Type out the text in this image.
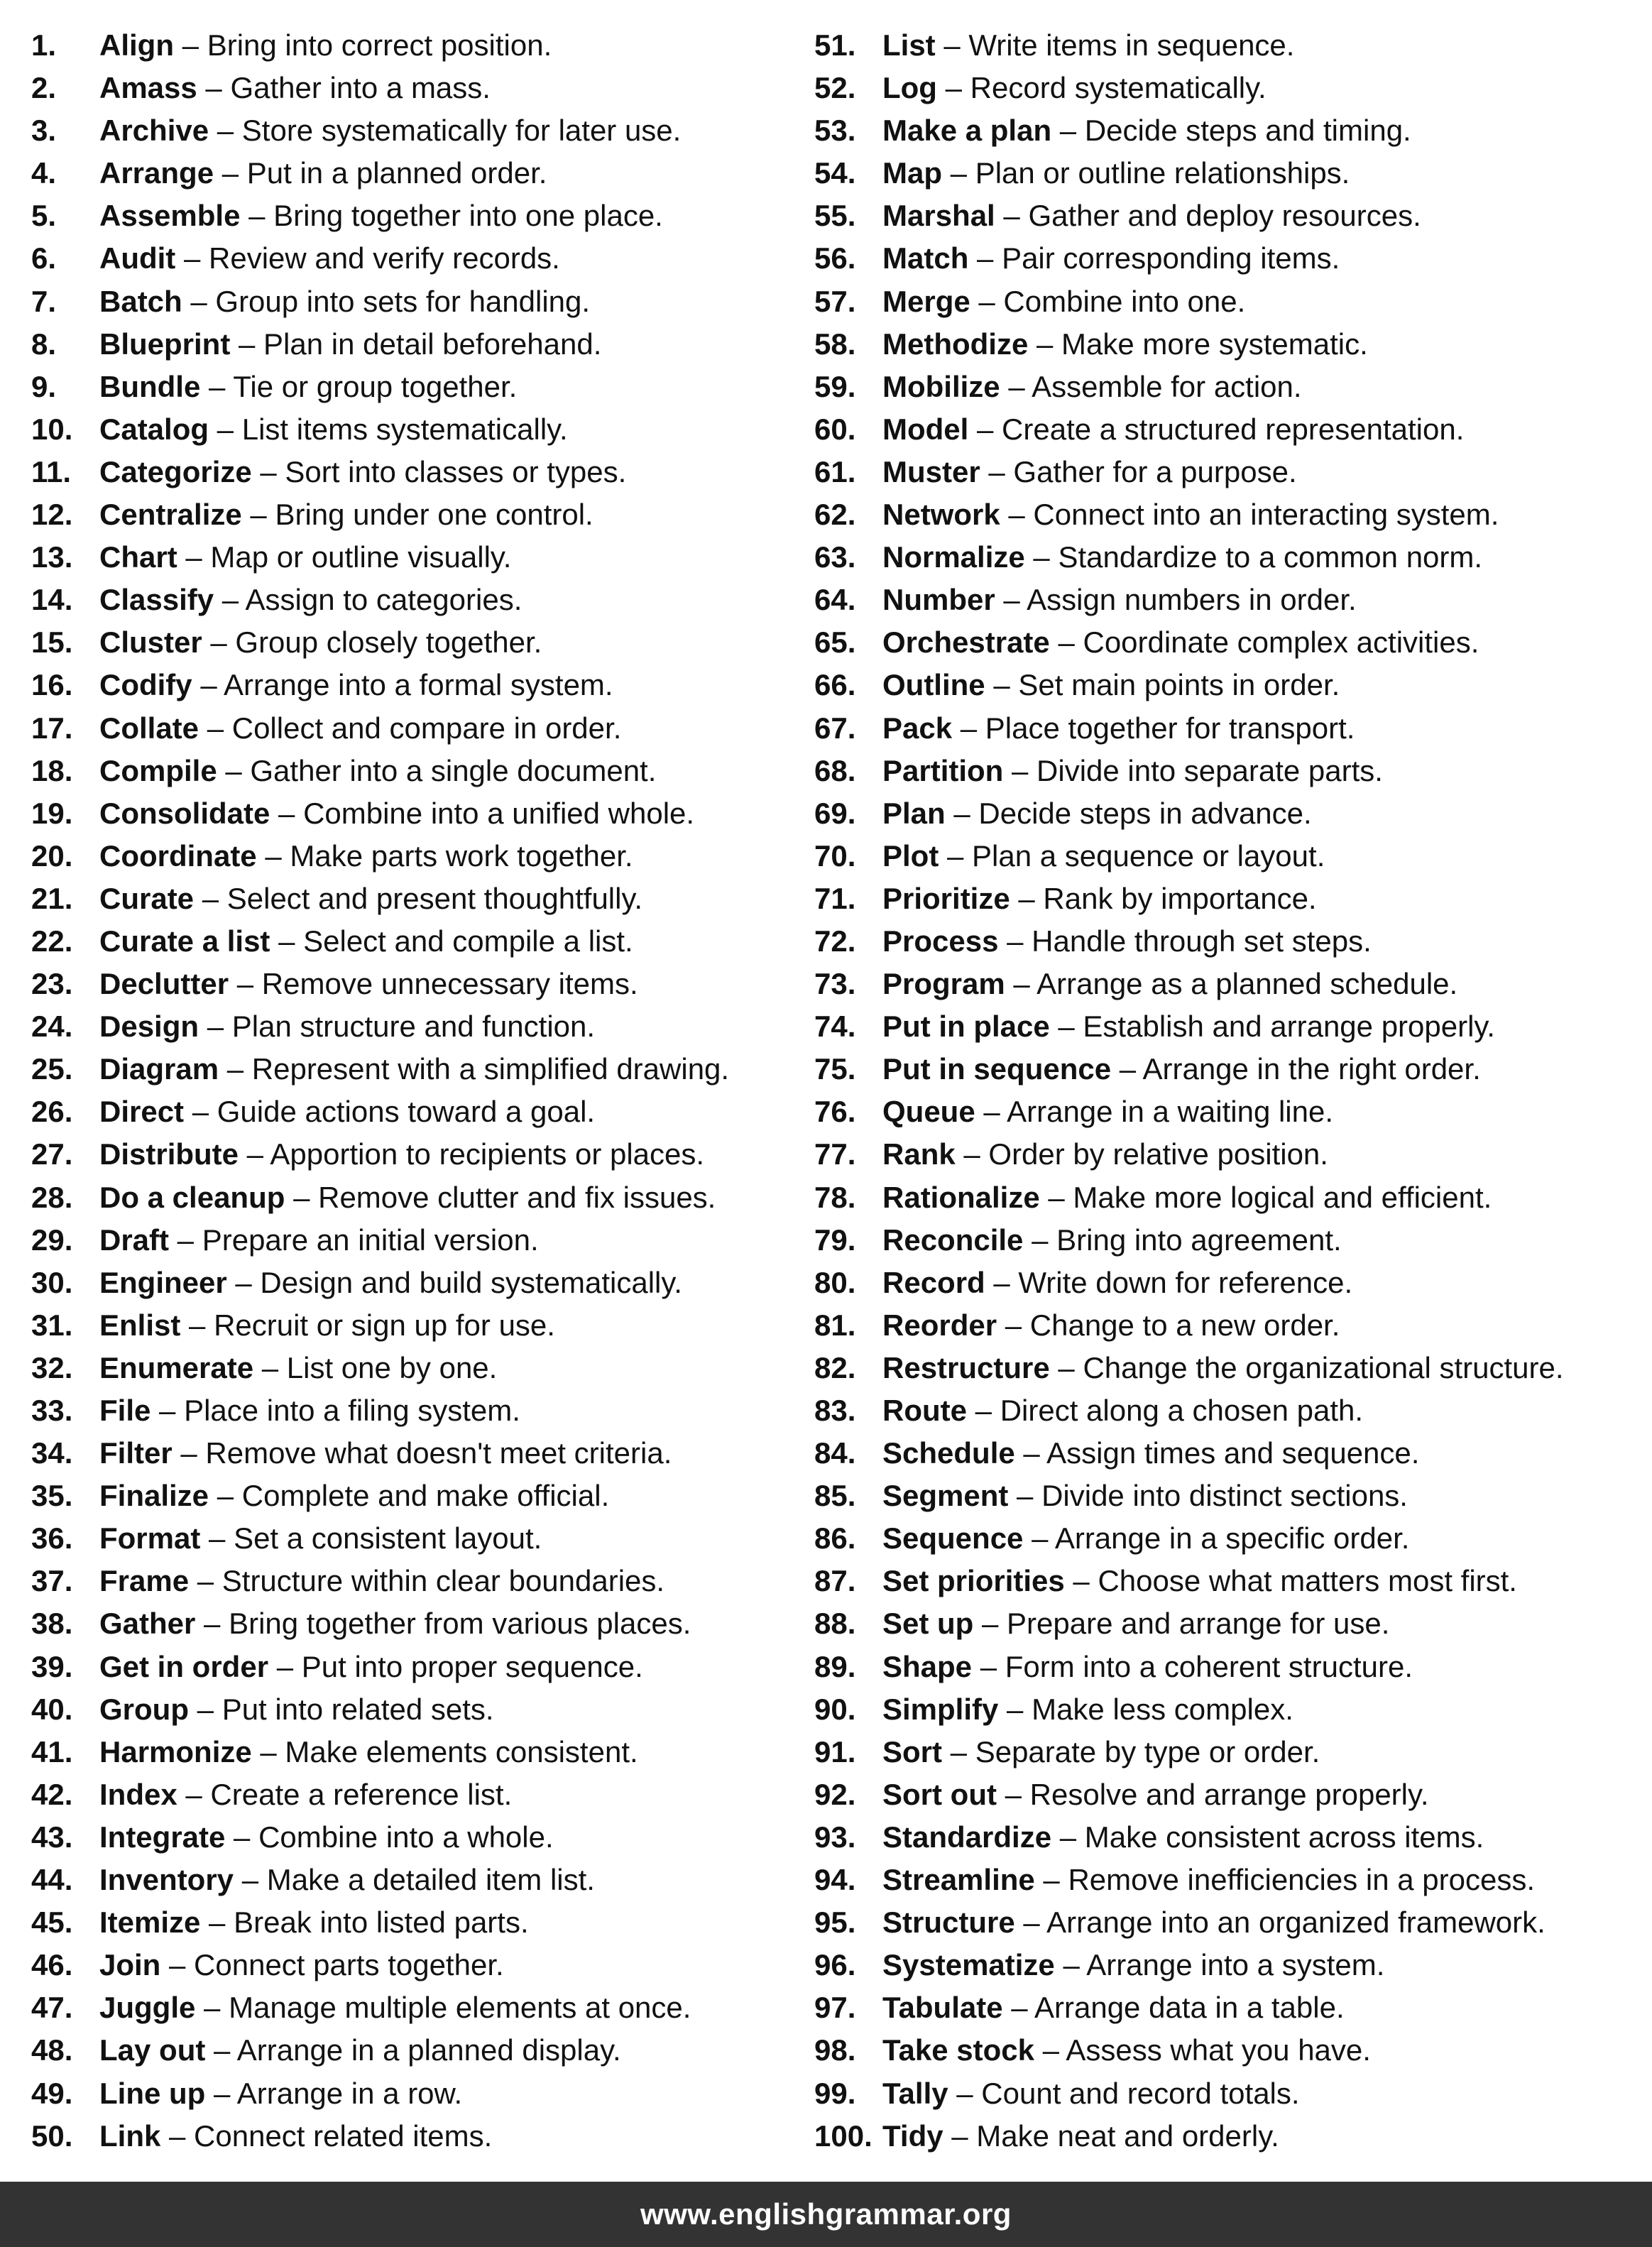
1. Align – Bring into correct position.
2. Amass – Gather into a mass.
3. Archive – Store systematically for later use.
4. Arrange – Put in a planned order.
5. Assemble – Bring together into one place.
6. Audit – Review and verify records.
7. Batch – Group into sets for handling.
8. Blueprint – Plan in detail beforehand.
9. Bundle – Tie or group together.
10. Catalog – List items systematically.
11. Categorize – Sort into classes or types.
12. Centralize – Bring under one control.
13. Chart – Map or outline visually.
14. Classify – Assign to categories.
15. Cluster – Group closely together.
16. Codify – Arrange into a formal system.
17. Collate – Collect and compare in order.
18. Compile – Gather into a single document.
19. Consolidate – Combine into a unified whole.
20. Coordinate – Make parts work together.
21. Curate – Select and present thoughtfully.
22. Curate a list – Select and compile a list.
23. Declutter – Remove unnecessary items.
24. Design – Plan structure and function.
25. Diagram – Represent with a simplified drawing.
26. Direct – Guide actions toward a goal.
27. Distribute – Apportion to recipients or places.
28. Do a cleanup – Remove clutter and fix issues.
29. Draft – Prepare an initial version.
30. Engineer – Design and build systematically.
31. Enlist – Recruit or sign up for use.
32. Enumerate – List one by one.
33. File – Place into a filing system.
34. Filter – Remove what doesn't meet criteria.
35. Finalize – Complete and make official.
36. Format – Set a consistent layout.
37. Frame – Structure within clear boundaries.
38. Gather – Bring together from various places.
39. Get in order – Put into proper sequence.
40. Group – Put into related sets.
41. Harmonize – Make elements consistent.
42. Index – Create a reference list.
43. Integrate – Combine into a whole.
44. Inventory – Make a detailed item list.
45. Itemize – Break into listed parts.
46. Join – Connect parts together.
47. Juggle – Manage multiple elements at once.
48. Lay out – Arrange in a planned display.
49. Line up – Arrange in a row.
50. Link – Connect related items.
51. List – Write items in sequence.
52. Log – Record systematically.
53. Make a plan – Decide steps and timing.
54. Map – Plan or outline relationships.
55. Marshal – Gather and deploy resources.
56. Match – Pair corresponding items.
57. Merge – Combine into one.
58. Methodize – Make more systematic.
59. Mobilize – Assemble for action.
60. Model – Create a structured representation.
61. Muster – Gather for a purpose.
62. Network – Connect into an interacting system.
63. Normalize – Standardize to a common norm.
64. Number – Assign numbers in order.
65. Orchestrate – Coordinate complex activities.
66. Outline – Set main points in order.
67. Pack – Place together for transport.
68. Partition – Divide into separate parts.
69. Plan – Decide steps in advance.
70. Plot – Plan a sequence or layout.
71. Prioritize – Rank by importance.
72. Process – Handle through set steps.
73. Program – Arrange as a planned schedule.
74. Put in place – Establish and arrange properly.
75. Put in sequence – Arrange in the right order.
76. Queue – Arrange in a waiting line.
77. Rank – Order by relative position.
78. Rationalize – Make more logical and efficient.
79. Reconcile – Bring into agreement.
80. Record – Write down for reference.
81. Reorder – Change to a new order.
82. Restructure – Change the organizational structure.
83. Route – Direct along a chosen path.
84. Schedule – Assign times and sequence.
85. Segment – Divide into distinct sections.
86. Sequence – Arrange in a specific order.
87. Set priorities – Choose what matters most first.
88. Set up – Prepare and arrange for use.
89. Shape – Form into a coherent structure.
90. Simplify – Make less complex.
91. Sort – Separate by type or order.
92. Sort out – Resolve and arrange properly.
93. Standardize – Make consistent across items.
94. Streamline – Remove inefficiencies in a process.
95. Structure – Arrange into an organized framework.
96. Systematize – Arrange into a system.
97. Tabulate – Arrange data in a table.
98. Take stock – Assess what you have.
99. Tally – Count and record totals.
100. Tidy – Make neat and orderly.
www.englishgrammar.org
